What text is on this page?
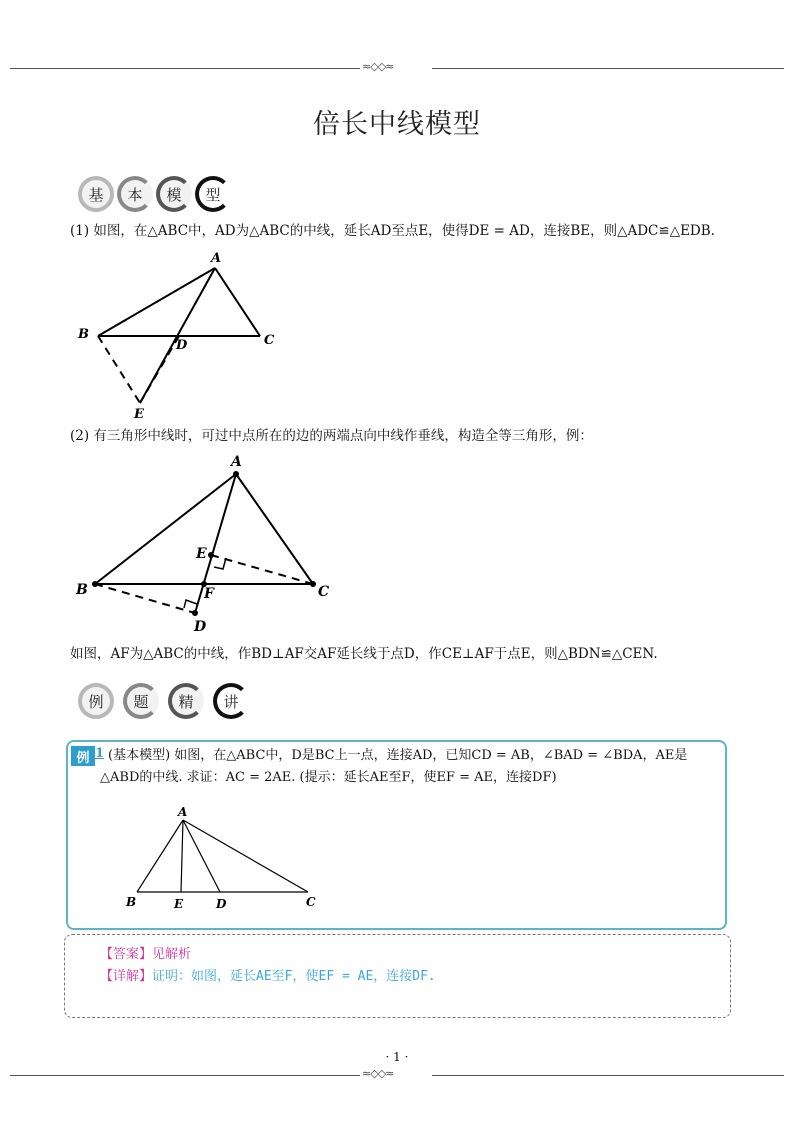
≈◇◇≈
倍长中线模型
基	本	模	型
(1) 如图，在△ABC中，AD为△ABC的中线，延长AD至点E，使得DE = AD，连接BE，则△ADC≌△EDB.
A
B	C
D
E
(2) 有三角形中线时，可过中点所在的边的两端点向中线作垂线，构造全等三角形，例：
A
B	C
D
E
F
如图，AF为△ABC的中线，作BD⊥AF交AF延长线于点D，作CE⊥AF于点E，则△BDN≌△CEN.
例	题	精	讲
例 1 (基本模型) 如图，在△ABC中，D是BC上一点，连接AD，已知CD = AB，∠BAD = ∠BDA，AE是
△ABD的中线. 求证：AC = 2AE. (提示：延长AE至F，使EF = AE，连接DF)
A
B	E	D	C
【答案】见解析
【详解】证明：如图，延长AE至F，使EF = AE，连接DF.
· 1 ·
≈◇◇≈
